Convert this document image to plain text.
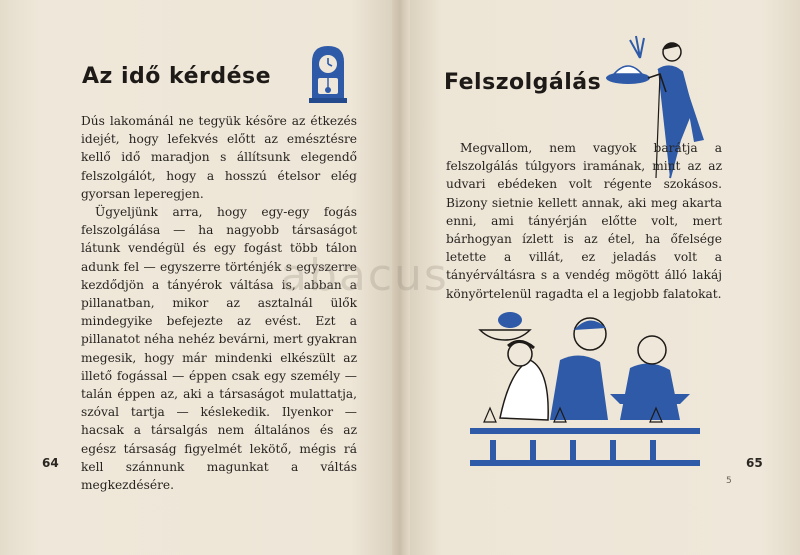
Az idő kérdése

Dús lakománál ne tegyük késõre az étkezés idejét, hogy lefekvés előtt az emésztésre kellő idő maradjon s állítsunk elegendő felszolgálót, hogy a hosszú ételsor elég gyorsan leperegjen.

Ügyeljünk arra, hogy egy-egy fogás felszolgálása — ha nagyobb társaságot látunk vendégül és egy fogást több tálon adunk fel — egyszerre történjék s egyszerre kezdődjön a tányérok váltása is, abban a pillanatban, mikor az asztalnál ülők mindegyike befejezte az evést. Ezt a pillanatot néha nehéz bevárni, mert gyakran megesik, hogy már mindenki elkészült az illető fogással — éppen csak egy személy — talán éppen az, aki a társaságot mulattatja, szóval tartja — késlekedik. Ilyenkor — hacsak a társalgás nem általános és az egész társaság figyelmét lekötő, mégis rá kell szánnunk magunkat a váltás megkezdésére.

64
Felszolgálás

Megvallom, nem vagyok barátja a felszolgálás túlgyors iramának, mint az az udvari ebédeken volt régente szokásos. Bizony sietnie kellett annak, aki meg akarta enni, ami tányérján előtte volt, mert bárhogyan ízlett is az étel, ha őfelsége letette a villát, ez jeladás volt a tányérváltásra s a vendég mögött álló lakáj könyörtelenül ragadta el a legjobb falatokat.

65
5
abacus
